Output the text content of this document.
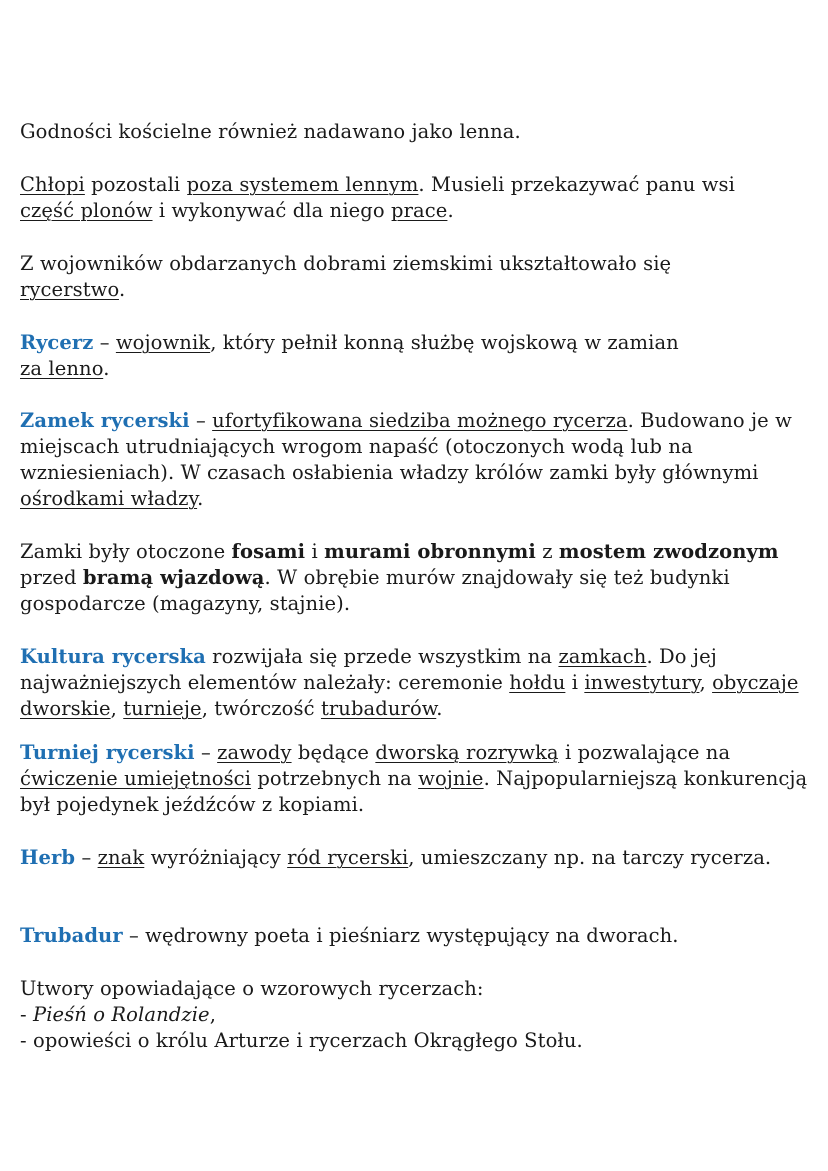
Godności kościelne również nadawano jako lenna.

Chłopi pozostali poza systemem lennym. Musieli przekazywać panu wsi
część plonów i wykonywać dla niego prace.

Z wojowników obdarzanych dobrami ziemskimi ukształtowało się
rycerstwo.

Rycerz – wojownik, który pełnił konną służbę wojskową w zamian
za lenno.

Zamek rycerski – ufortyfikowana siedziba możnego rycerza. Budowano je w miejscach utrudniających wrogom napaść (otoczonych wodą lub na wzniesieniach). W czasach osłabienia władzy królów zamki były głównymi ośrodkami władzy.

Zamki były otoczone fosami i murami obronnymi z mostem zwodzonym przed bramą wjazdową. W obrębie murów znajdowały się też budynki gospodarcze (magazyny, stajnie).

Kultura rycerska rozwijała się przede wszystkim na zamkach. Do jej najważniejszych elementów należały: ceremonie hołdu i inwestytury, obyczaje dworskie, turnieje, twórczość trubadurów.

Turniej rycerski – zawody będące dworską rozrywką i pozwalające na ćwiczenie umiejętności potrzebnych na wojnie. Najpopularniejszą konkurencją był pojedynek jeźdźców z kopiami.

Herb – znak wyróżniający ród rycerski, umieszczany np. na tarczy rycerza.

Trubadur – wędrowny poeta i pieśniarz występujący na dworach.

Utwory opowiadające o wzorowych rycerzach:
- Pieśń o Rolandzie,
- opowieści o królu Arturze i rycerzach Okrągłego Stołu.
